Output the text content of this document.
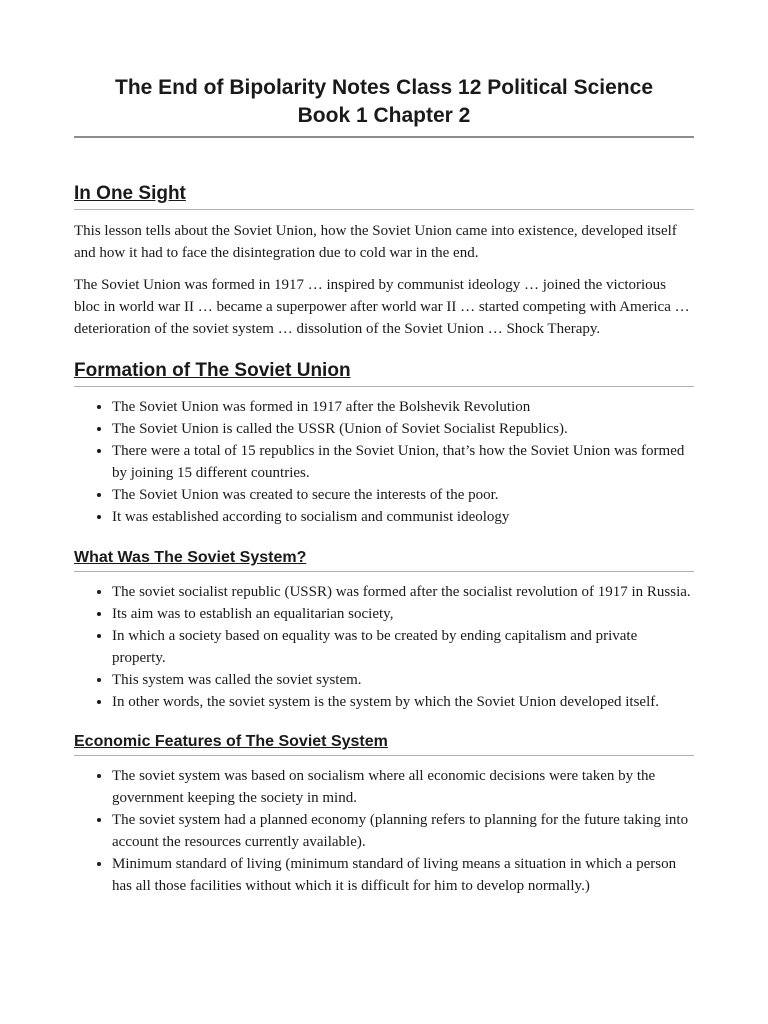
The End of Bipolarity Notes Class 12 Political Science
Book 1 Chapter 2
In One Sight

This lesson tells about the Soviet Union, how the Soviet Union came into existence, developed itself and how it had to face the disintegration due to cold war in the end.

The Soviet Union was formed in 1917 … inspired by communist ideology … joined the victorious bloc in world war II … became a superpower after world war II … started competing with America … deterioration of the soviet system … dissolution of the Soviet Union … Shock Therapy.

Formation of The Soviet Union
• The Soviet Union was formed in 1917 after the Bolshevik Revolution
• The Soviet Union is called the USSR (Union of Soviet Socialist Republics).
• There were a total of 15 republics in the Soviet Union, that’s how the Soviet Union was formed by joining 15 different countries.
• The Soviet Union was created to secure the interests of the poor.
• It was established according to socialism and communist ideology
What Was The Soviet System?
• The soviet socialist republic (USSR) was formed after the socialist revolution of 1917 in Russia.
• Its aim was to establish an equalitarian society,
• In which a society based on equality was to be created by ending capitalism and private property.
• This system was called the soviet system.
• In other words, the soviet system is the system by which the Soviet Union developed itself.
Economic Features of The Soviet System
• The soviet system was based on socialism where all economic decisions were taken by the government keeping the society in mind.
• The soviet system had a planned economy (planning refers to planning for the future taking into account the resources currently available).
• Minimum standard of living (minimum standard of living means a situation in which a person has all those facilities without which it is difficult for him to develop normally.)
